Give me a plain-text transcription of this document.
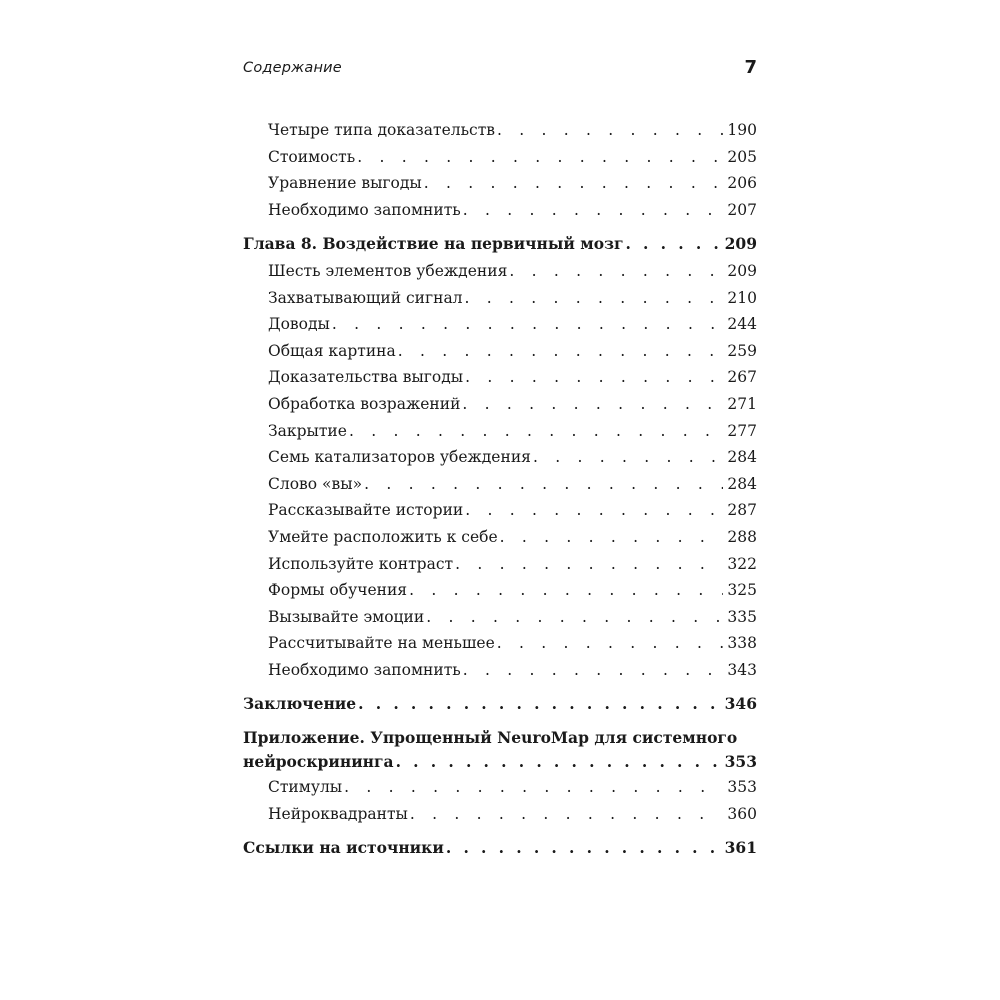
Содержание	7
Четыре типа доказательств . . .	190
Стоимость . . .	205
Уравнение выгоды . . .	206
Необходимо запомнить . . .	207
Глава 8. Воздействие на первичный мозг . . .	209
Шесть элементов убеждения . . .	209
Захватывающий сигнал . . .	210
Доводы . . .	244
Общая картина . . .	259
Доказательства выгоды . . .	267
Обработка возражений . . .	271
Закрытие . . .	277
Семь катализаторов убеждения . . .	284
Слово «вы» . . .	284
Рассказывайте истории . . .	287
Умейте расположить к себе . . .	288
Используйте контраст . . .	322
Формы обучения . . .	325
Вызывайте эмоции . . .	335
Рассчитывайте на меньшее . . .	338
Необходимо запомнить . . .	343
Заключение . . .	346
Приложение. Упрощенный NeuroMap для системного
нейроскрининга . . .	353
Стимулы . . .	353
Нейроквадранты . . .	360
Ссылки на источники . . .	361
